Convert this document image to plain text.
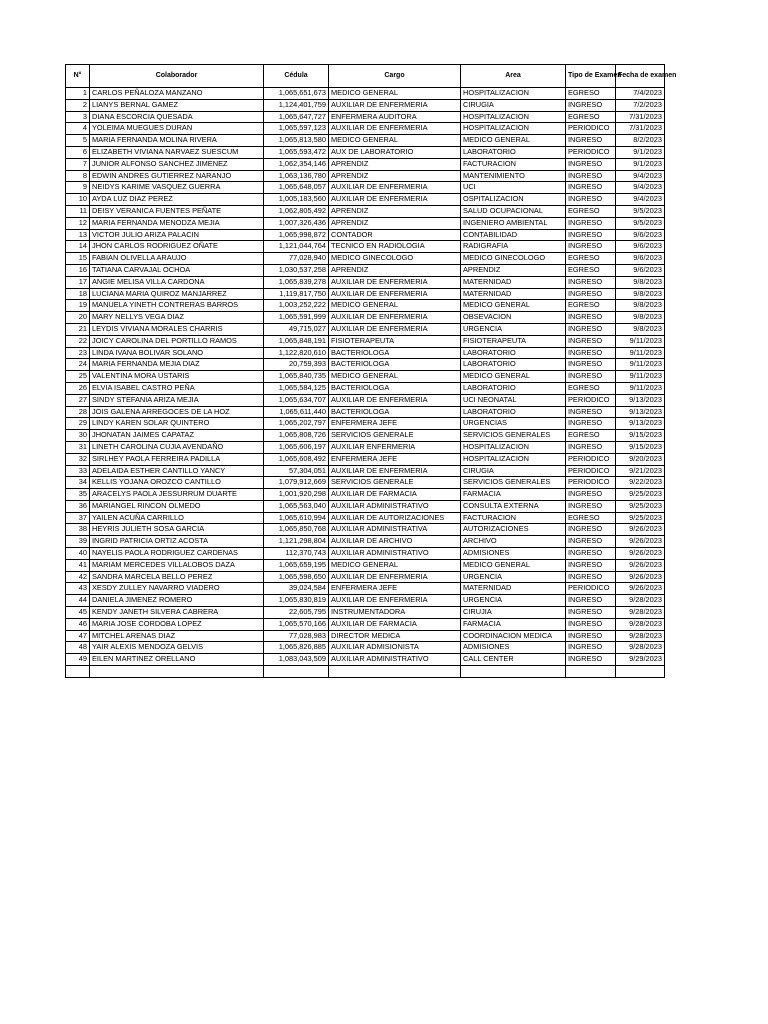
N°	Colaborador	Cédula	Cargo	Area	Tipo de Examen	Fecha de examen
1	CARLOS PEÑALOZA MANZANO	1,065,651,673	MEDICO GENERAL	HOSPITALIZACION	EGRESO	7/4/2023
2	LIANYS BERNAL GAMEZ	1,124,401,759	AUXILIAR DE ENFERMERIA	CIRUGIA	INGRESO	7/2/2023
3	DIANA ESCORCIA QUESADA	1,065,647,727	ENFERMERA AUDITORA	HOSPITALIZACION	EGRESO	7/31/2023
4	YOLEIMA MUEGUES DURAN	1,065,597,123	AUXILIAR DE ENFERMERIA	HOSPITALIZACION	PERIODICO	7/31/2023
5	MARIA FERNANDA MOLINA RIVERA	1,065,813,580	MEDICO GENERAL	MEDICO GENERAL	INGRESO	8/2/2023
6	ELIZABETH VIVIANA NARVAEZ SUESCUM	1,065,593,472	AUX DE LABORATORIO	LABORATORIO	PERIODICO	9/1/2023
7	JUNIOR ALFONSO SANCHEZ JIMENEZ	1,062,354,146	APRENDIZ	FACTURACION	INGRESO	9/1/2023
8	EDWIN ANDRES GUTIERREZ NARANJO	1,063,136,780	APRENDIZ	MANTENIMIENTO	INGRESO	9/4/2023
9	NEIDYS KARIME VASQUEZ GUERRA	1,065,648,057	AUXILIAR DE ENFERMERIA	UCI	INGRESO	9/4/2023
10	AYDA LUZ DIAZ PEREZ	1,005,183,560	AUXILIAR DE ENFERMERIA	OSPITALIZACION	INGRESO	9/4/2023
11	DEISY VERANICA FUENTES PEÑATE	1,062,805,492	APRENDIZ	SALUD OCUPACIONAL	EGRESO	9/5/2023
12	MARIA FERNANDA MENODZA MEJIA	1,007,326,436	APRENDIZ	INGENIERO AMBIENTAL	INGRESO	9/5/2023
13	VICTOR JULIO ARIZA PALACIN	1,065,998,872	CONTADOR	CONTABILIDAD	INGRESO	9/6/2023
14	JHON CARLOS RODRIGUEZ OÑATE	1,121,044,764	TECNICO EN RADIOLOGIA	RADIGRAFIA	INGRESO	9/6/2023
15	FABIAN OLIVELLA ARAUJO	77,028,940	MEDICO GINECOLOGO	MEDICO GINECOLOGO	EGRESO	9/6/2023
16	TATIANA CARVAJAL OCHOA	1,030,537,258	APRENDIZ	APRENDIZ	EGRESO	9/6/2023
17	ANGIE MELISA VILLA CARDONA	1,065,839,278	AUXILIAR DE ENFERMERIA	MATERNIDAD	INGRESO	9/8/2023
18	LUCIANA MARIA QUIROZ MANJARREZ	1,119,817,750	AUXILIAR DE ENFERMERIA	MATERNIDAD	INGRESO	9/8/2023
19	MANUELA YINETH CONTRERAS BARROS	1,003,252,222	MEDICO GENERAL	MEDICO GENERAL	EGRESO	9/8/2023
20	MARY NELLYS VEGA DIAZ	1,065,591,999	AUXILIAR DE ENFERMERIA	OBSEVACION	INGRESO	9/8/2023
21	LEYDIS VIVIANA MORALES CHARRIS	49,715,027	AUXILIAR DE ENFERMERIA	URGENCIA	INGRESO	9/8/2023
22	JOICY CAROLINA DEL PORTILLO RAMOS	1,065,848,191	FISIOTERAPEUTA	FISIOTERAPEUTA	INGRESO	9/11/2023
23	LINDA IVANA BOLIVAR SOLANO	1,122,820,610	BACTERIOLOGA	LABORATORIO	INGRESO	9/11/2023
24	MARIA FERNANDA MEJIA DIAZ	20,759,393	BACTERIOLOGA	LABORATORIO	INGRESO	9/11/2023
25	VALENTINA MORA USTARIS	1,065,840,735	MEDICO GENERAL	MEDICO GENERAL	INGRESO	9/11/2023
26	ELVIA ISABEL CASTRO PEÑA	1,065,584,125	BACTERIOLOGA	LABORATORIO	EGRESO	9/11/2023
27	SINDY STEFANIA ARIZA MEJIA	1,065,634,707	AUXILIAR DE ENFERMERIA	UCI NEONATAL	PERIODICO	9/13/2023
28	JOIS GALENA ARREGOCES DE LA HOZ	1,065,611,440	BACTERIOLOGA	LABORATORIO	INGRESO	9/13/2023
29	LINDY KAREN SOLAR QUINTERO	1,065,202,797	ENFERMERA JEFE	URGENCIAS	INGRESO	9/13/2023
30	JHONATAN JAIMES CAPATAZ	1,065,808,726	SERVICIOS GENERALE	SERVICIOS GENERALES	EGRESO	9/15/2023
31	LINETH CAROLINA CUJIA AVENDAÑO	1,065,606,197	AUXILIAR ENFERMERIA	HOSPITALIZACION	INGRESO	9/15/2023
32	SIRLHEY PAOLA FERREIRA PADILLA	1,065,608,492	ENFERMERA JEFE	HOSPITALIZACION	PERIODICO	9/20/2023
33	ADELAIDA ESTHER CANTILLO YANCY	57,304,051	AUXILIAR DE ENFERMERIA	CIRUGIA	PERIODICO	9/21/2023
34	KELLIS YOJANA OROZCO CANTILLO	1,079,912,669	SERVICIOS GENERALE	SERVICIOS GENERALES	PERIODICO	9/22/2023
35	ARACELYS PAOLA JESSURRUM DUARTE	1,001,920,298	AUXILIAR DE FARMACIA	FARMACIA	INGRESO	9/25/2023
36	MARIANGEL RINCON OLMEDO	1,065,563,040	AUXILIAR ADMINISTRATIVO	CONSULTA EXTERNA	INGRESO	9/25/2023
37	YAILEN ACUÑA CARRILLO	1,065,610,994	AUXILIAR DE AUTORIZACIONES	FACTURACION	EGRESO	9/25/2023
38	HEYRIS JULIETH SOSA GARCIA	1,065,850,768	AUXILIAR ADMINISTRATIVA	AUTORIZACIONES	INGRESO	9/26/2023
39	INGRID PATRICIA ORTIZ ACOSTA	1,121,298,804	AUXILIAR DE ARCHIVO	ARCHIVO	INGRESO	9/26/2023
40	NAYELIS PAOLA RODRIGUEZ CARDENAS	112,370,743	AUXILIAR ADMINISTRATIVO	ADMISIONES	INGRESO	9/26/2023
41	MARIAM MERCEDES VILLALOBOS DAZA	1,065,659,195	MEDICO GENERAL	MEDICO GENERAL	INGRESO	9/26/2023
42	SANDRA MARCELA BELLO PEREZ	1,065,598,650	AUXILIAR DE ENFERMERIA	URGENCIA	INGRESO	9/26/2023
43	XESDY ZULLEY NAVARRO VIADERO	39,024,584	ENFERMERA JEFE	MATERNIDAD	PERIODICO	9/26/2023
44	DANIELA JIMENEZ ROMERO	1,065,830,819	AUXILIAR DE ENFERMERIA	URGENCIA	INGRESO	9/28/2023
45	KENDY JANETH SILVERA CABRERA	22,605,795	INSTRUMENTADORA	CIRUJIA	INGRESO	9/28/2023
46	MARIA JOSE CORDOBA LOPEZ	1,065,570,166	AUXILIAR DE FARMACIA	FARMACIA	INGRESO	9/28/2023
47	MITCHEL ARENAS DIAZ	77,028,983	DIRECTOR MEDICA	COORDINACION MEDICA	INGRESO	9/28/2023
48	YAIR ALEXIS MENDOZA GELVIS	1,065,826,885	AUXILIAR ADMISIONISTA	ADMISIONES	INGRESO	9/28/2023
49	EILEN MARTINEZ ORELLANO	1,083,043,509	AUXILIAR ADMINISTRATIVO	CALL CENTER	INGRESO	9/29/2023
